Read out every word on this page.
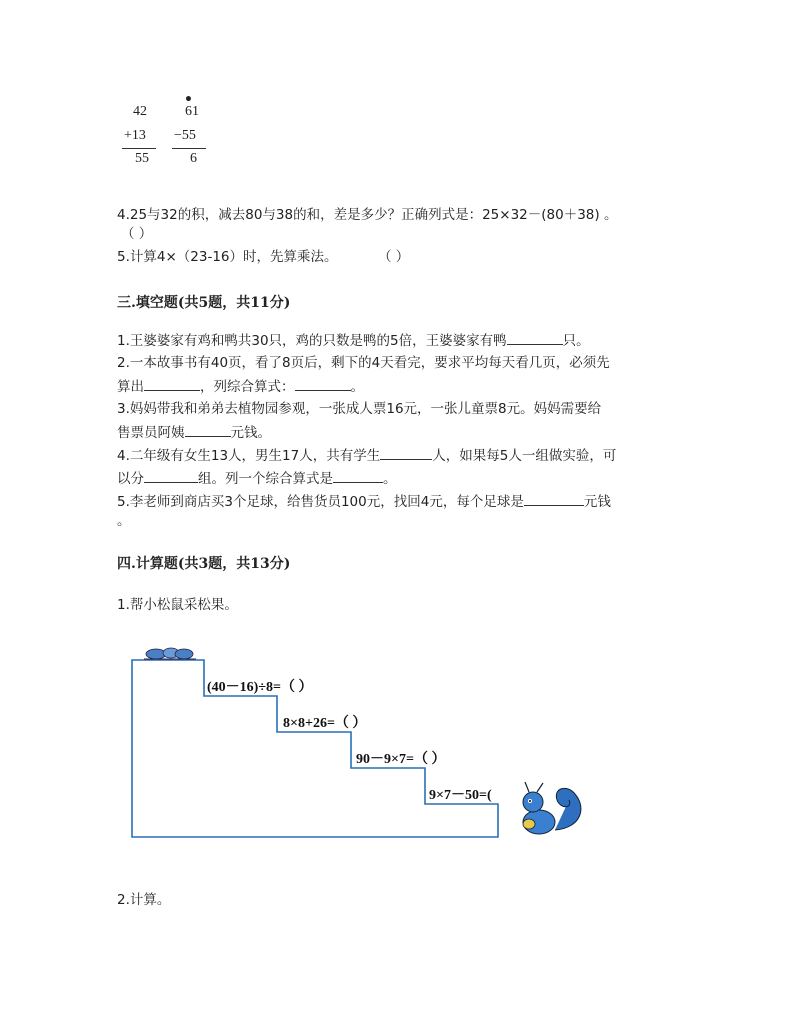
42
+13
55
•
61
−55
6
4.25与32的积，减去80与38的和，差是多少？正确列式是：25×32－(80＋38) 。
（ ）
5.计算4×（23-16）时，先算乘法。	（ ）
三.填空题(共5题，共11分)
1.王婆婆家有鸡和鸭共30只，鸡的只数是鸭的5倍，王婆婆家有鸭	只。
2.一本故事书有40页，看了8页后，剩下的4天看完，要求平均每天看几页，必须先
算出	，列综合算式：	。
3.妈妈带我和弟弟去植物园参观，一张成人票16元，一张儿童票8元。妈妈需要给
售票员阿姨	元钱。
4.二年级有女生13人，男生17人，共有学生	人，如果每5人一组做实验，可
以分	组。列一个综合算式是	。
5.李老师到商店买3个足球，给售货员100元，找回4元，每个足球是	元钱
。
四.计算题(共3题，共13分)
1.帮小松鼠采松果。
(40－16)÷8=（ ）
8×8+26=（ ）
90－9×7=（ ）
9×7－50=(
2.计算。
